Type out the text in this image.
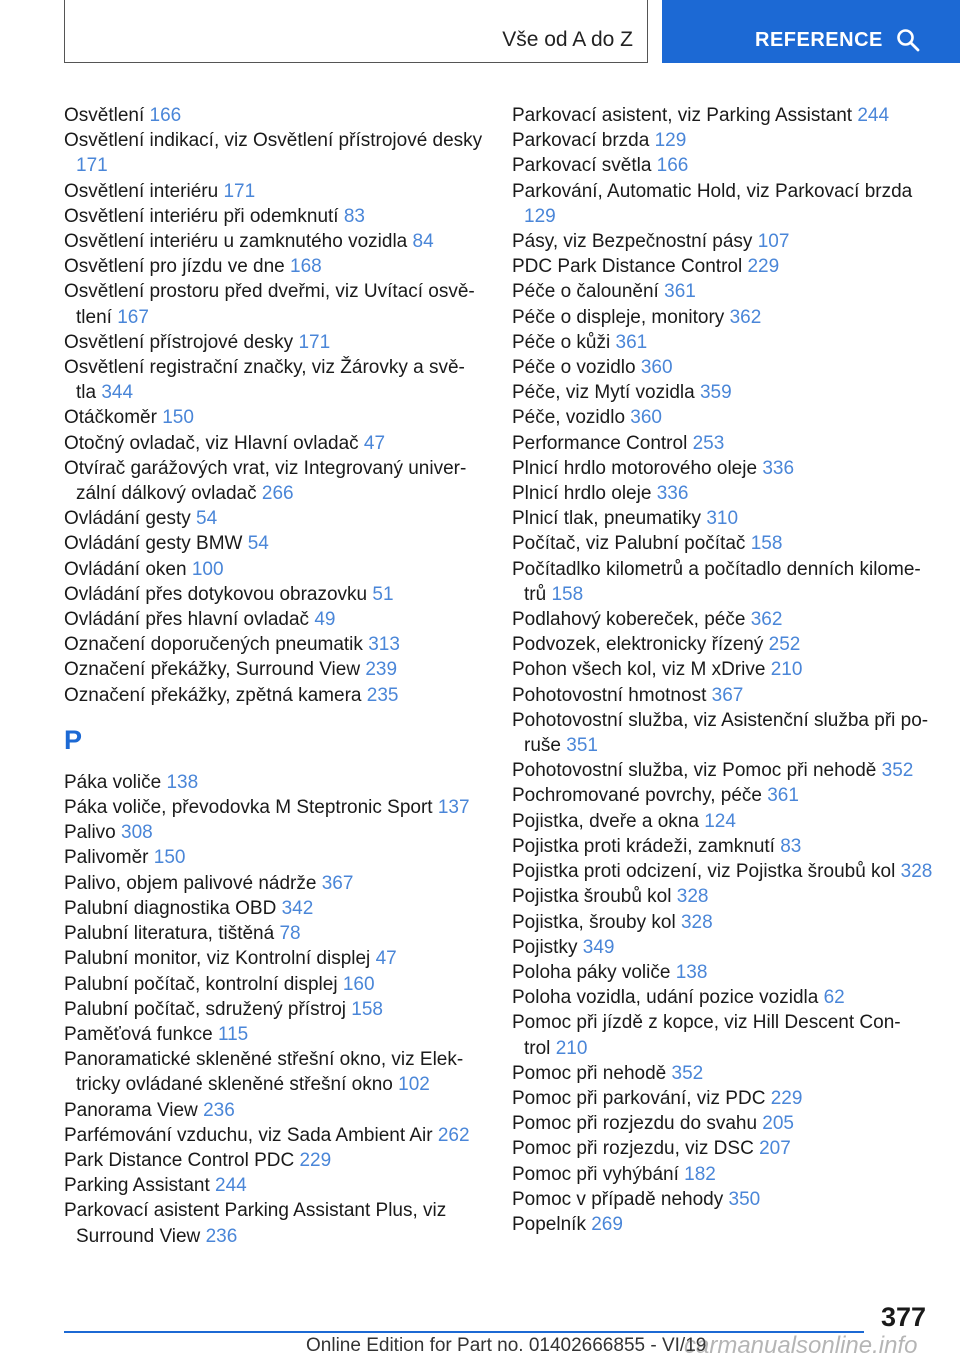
Vše od A do Z	REFERENCE
Osvětlení 166
Osvětlení indikací, viz Osvětlení přístrojové desky 171
Osvětlení interiéru 171
Osvětlení interiéru při odemknutí 83
Osvětlení interiéru u zamknutého vozidla 84
Osvětlení pro jízdu ve dne 168
Osvětlení prostoru před dveřmi, viz Uvítací osvě‐
tlení 167
Osvětlení přístrojové desky 171
Osvětlení registrační značky, viz Žárovky a svě‐
tla 344
Otáčkoměr 150
Otočný ovladač, viz Hlavní ovladač 47
Otvírač garážových vrat, viz Integrovaný univer‐
zální dálkový ovladač 266
Ovládání gesty 54
Ovládání gesty BMW 54
Ovládání oken 100
Ovládání přes dotykovou obrazovku 51
Ovládání přes hlavní ovladač 49
Označení doporučených pneumatik 313
Označení překážky, Surround View 239
Označení překážky, zpětná kamera 235
P
Páka voliče 138
Páka voliče, převodovka M Steptronic Sport 137
Palivo 308
Palivoměr 150
Palivo, objem palivové nádrže 367
Palubní diagnostika OBD 342
Palubní literatura, tištěná 78
Palubní monitor, viz Kontrolní displej 47
Palubní počítač, kontrolní displej 160
Palubní počítač, sdružený přístroj 158
Paměťová funkce 115
Panoramatické skleněné střešní okno, viz Elek‐
tricky ovládané skleněné střešní okno 102
Panorama View 236
Parfémování vzduchu, viz Sada Ambient Air 262
Park Distance Control PDC 229
Parking Assistant 244
Parkovací asistent Parking Assistant Plus, viz Surround View 236
Parkovací asistent, viz Parking Assistant 244
Parkovací brzda 129
Parkovací světla 166
Parkování, Automatic Hold, viz Parkovací brzda 129
Pásy, viz Bezpečnostní pásy 107
PDC Park Distance Control 229
Péče o čalounění 361
Péče o displeje, monitory 362
Péče o kůži 361
Péče o vozidlo 360
Péče, viz Mytí vozidla 359
Péče, vozidlo 360
Performance Control 253
Plnicí hrdlo motorového oleje 336
Plnicí hrdlo oleje 336
Plnicí tlak, pneumatiky 310
Počítač, viz Palubní počítač 158
Počítadlko kilometrů a počítadlo denních kilome‐
trů 158
Podlahový koberec̆ek, péče 362
Podvozek, elektronicky řízený 252
Pohon všech kol, viz M xDrive 210
Pohotovostní hmotnost 367
Pohotovostní služba, viz Asistenční služba při po‐
ruše 351
Pohotovostní služba, viz Pomoc při nehodě 352
Pochromované povrchy, péče 361
Pojistka, dveře a okna 124
Pojistka proti krádeži, zamknutí 83
Pojistka proti odcizení, viz Pojistka šroubů kol 328
Pojistka šroubů kol 328
Pojistka, šrouby kol 328
Pojistky 349
Poloha páky voliče 138
Poloha vozidla, udání pozice vozidla 62
Pomoc při jízdě z kopce, viz Hill Descent Con‐
trol 210
Pomoc při nehodě 352
Pomoc při parkování, viz PDC 229
Pomoc při rozjezdu do svahu 205
Pomoc při rozjezdu, viz DSC 207
Pomoc při vyhýbání 182
Pomoc v případě nehody 350
Popelník 269
377
Online Edition for Part no. 01402666855 - VI/19
carmanualsonline.info
